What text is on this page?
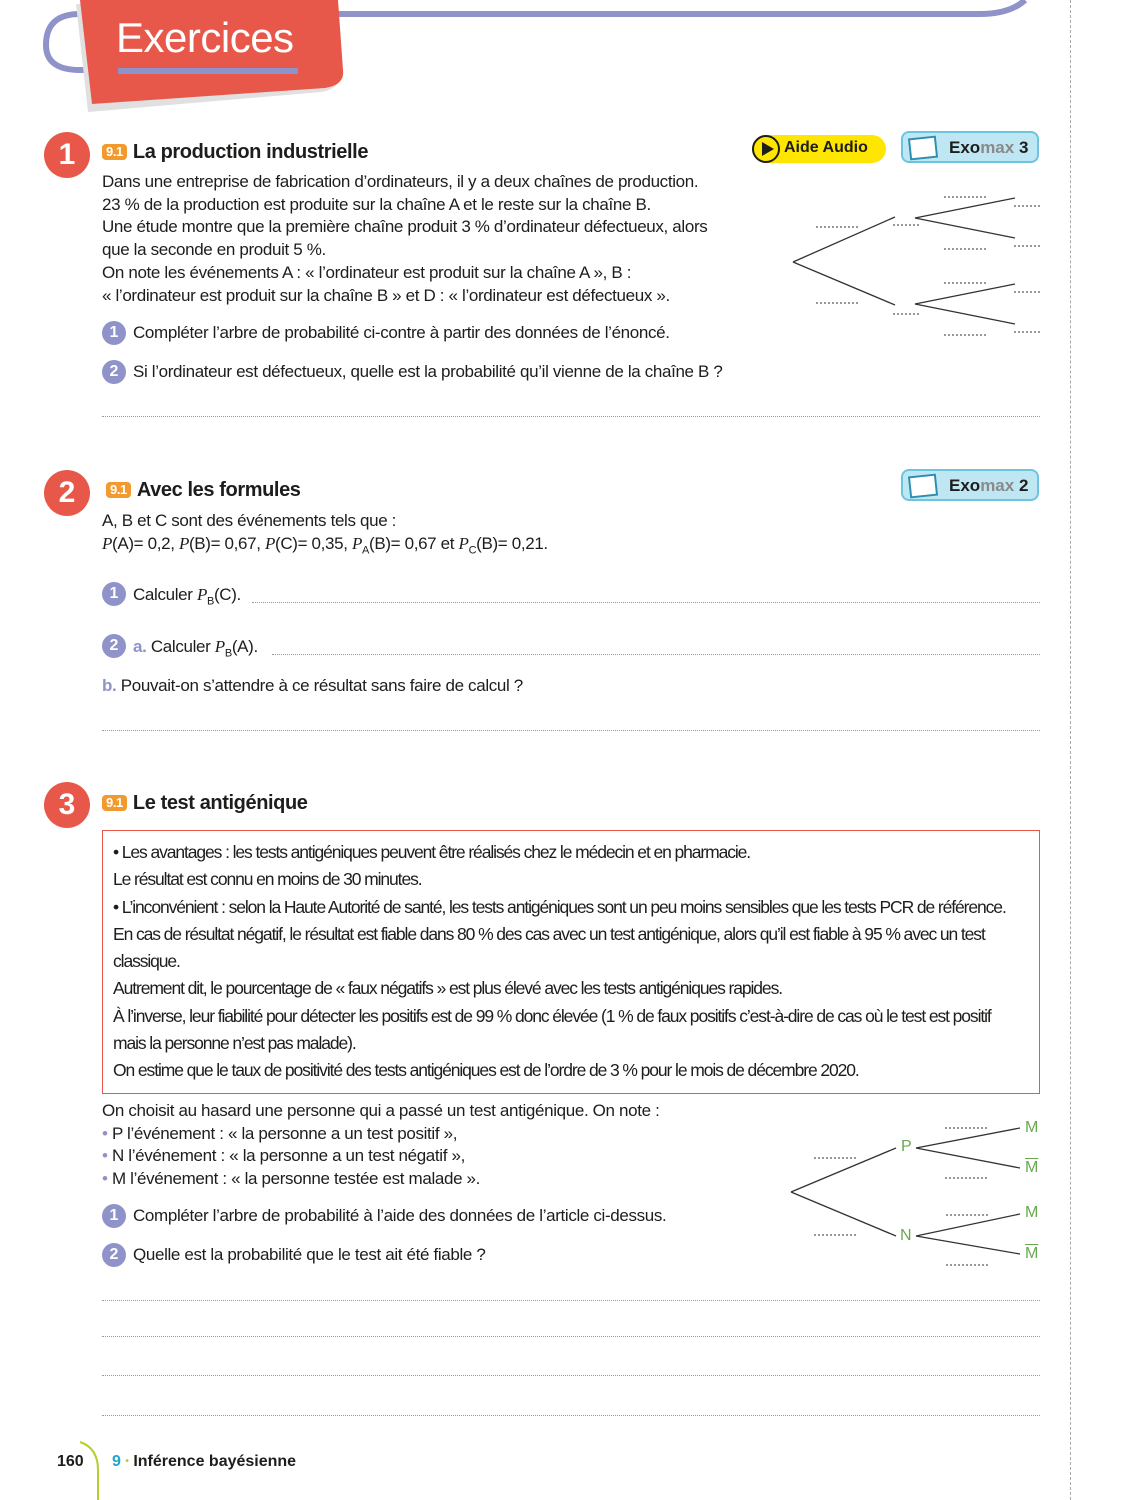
Exercices
1	9.1 La production industrielle	Aide Audio	Exomax 3
Dans une entreprise de fabrication d’ordinateurs, il y a deux chaînes de production.
23 % de la production est produite sur la chaîne A et le reste sur la chaîne B.
Une étude montre que la première chaîne produit 3 % d’ordinateur défectueux, alors
que la seconde en produit 5 %.
On note les événements A : « l’ordinateur est produit sur la chaîne A », B :
« l’ordinateur est produit sur la chaîne B » et D : « l’ordinateur est défectueux ».
1 Compléter l’arbre de probabilité ci-contre à partir des données de l’énoncé.
2 Si l’ordinateur est défectueux, quelle est la probabilité qu’il vienne de la chaîne B ?
2	9.1 Avec les formules	Exomax 2
A, B et C sont des événements tels que :
P(A)= 0,2, P(B)= 0,67, P(C)= 0,35, $P_A(B)= 0,67$ et $P_C(B)= 0,21$.
1 Calculer $P_B(C)$.
2 a. Calculer $P_B(A)$.
b. Pouvait-on s’attendre à ce résultat sans faire de calcul ?
3	9.1 Le test antigénique
• Les avantages : les tests antigéniques peuvent être réalisés chez le médecin et en pharmacie.
Le résultat est connu en moins de 30 minutes.
• L’inconvénient : selon la Haute Autorité de santé, les tests antigéniques sont un peu moins sensibles que les tests PCR de référence.
En cas de résultat négatif, le résultat est fiable dans 80 % des cas avec un test antigénique, alors qu’il est fiable à 95 % avec un test
classique.
Autrement dit, le pourcentage de « faux négatifs » est plus élevé avec les tests antigéniques rapides.
À l’inverse, leur fiabilité pour détecter les positifs est de 99 % donc élevée (1 % de faux positifs c’est-à-dire de cas où le test est positif
mais la personne n’est pas malade).
On estime que le taux de positivité des tests antigéniques est de l’ordre de 3 % pour le mois de décembre 2020.
On choisit au hasard une personne qui a passé un test antigénique. On note :
• P l’événement : « la personne a un test positif »,
• N l’événement : « la personne a un test négatif »,
• M l’événement : « la personne testée est malade ».
P
N
M
$\overline{M}$
M
$\overline{M}$
1 Compléter l’arbre de probabilité à l’aide des données de l’article ci-dessus.
2 Quelle est la probabilité que le test ait été fiable ?
160 9 • Inférence bayésienne
